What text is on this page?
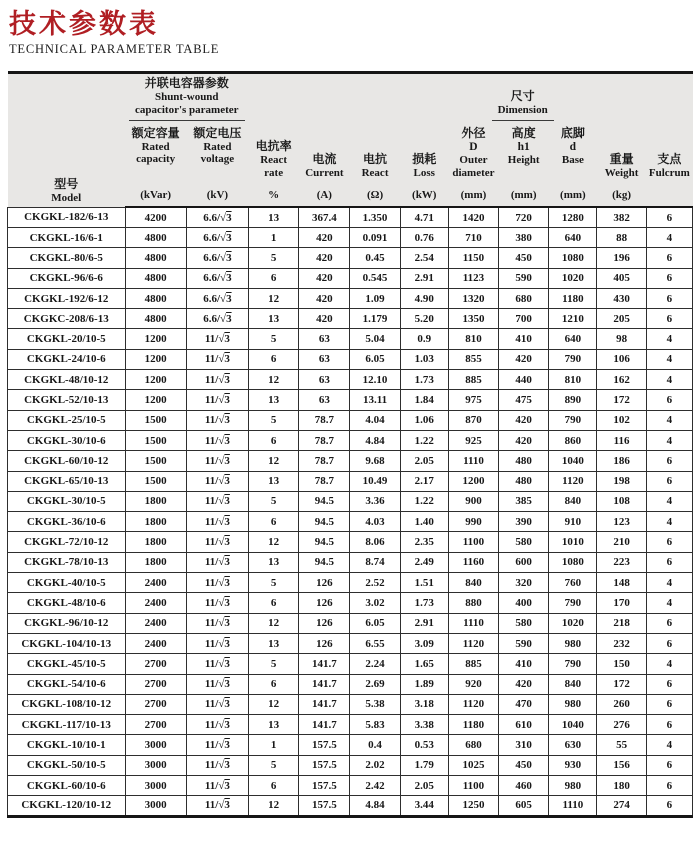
技术参数表
TECHNICAL PARAMETER TABLE
型号
Model	并联电容器参数
Shunt-wound
capacitor's parameter		电抗率
React
rate	电流
Current	电抗
React	损耗
Loss	尺寸
Dimension			重量
Weight	支点
Fulcrum

	额定容量
Rated
capacity	额定电压
Rated
voltage					外径
D
Outer
diameter	高度
h1
Height	底脚
d
Base		

	(kVar)	(kV)	%	(A)	(Ω)	(kW)	(mm)	(mm)	(mm)	(kg)	
CKGKL-182/6-13	4200	6.6/√3	13	367.4	1.350	4.71	1420	720	1280	382	6
CKGKL-16/6-1	4800	6.6/√3	1	420	0.091	0.76	710	380	640	88	4
CKGKL-80/6-5	4800	6.6/√3	5	420	0.45	2.54	1150	450	1080	196	6
CKGKL-96/6-6	4800	6.6/√3	6	420	0.545	2.91	1123	590	1020	405	6
CKGKL-192/6-12	4800	6.6/√3	12	420	1.09	4.90	1320	680	1180	430	6
CKGKC-208/6-13	4800	6.6/√3	13	420	1.179	5.20	1350	700	1210	205	6
CKGKL-20/10-5	1200	11/√3	5	63	5.04	0.9	810	410	640	98	4
CKGKL-24/10-6	1200	11/√3	6	63	6.05	1.03	855	420	790	106	4
CKGKL-48/10-12	1200	11/√3	12	63	12.10	1.73	885	440	810	162	4
CKGKL-52/10-13	1200	11/√3	13	63	13.11	1.84	975	475	890	172	6
CKGKL-25/10-5	1500	11/√3	5	78.7	4.04	1.06	870	420	790	102	4
CKGKL-30/10-6	1500	11/√3	6	78.7	4.84	1.22	925	420	860	116	4
CKGKL-60/10-12	1500	11/√3	12	78.7	9.68	2.05	1110	480	1040	186	6
CKGKL-65/10-13	1500	11/√3	13	78.7	10.49	2.17	1200	480	1120	198	6
CKGKL-30/10-5	1800	11/√3	5	94.5	3.36	1.22	900	385	840	108	4
CKGKL-36/10-6	1800	11/√3	6	94.5	4.03	1.40	990	390	910	123	4
CKGKL-72/10-12	1800	11/√3	12	94.5	8.06	2.35	1100	580	1010	210	6
CKGKL-78/10-13	1800	11/√3	13	94.5	8.74	2.49	1160	600	1080	223	6
CKGKL-40/10-5	2400	11/√3	5	126	2.52	1.51	840	320	760	148	4
CKGKL-48/10-6	2400	11/√3	6	126	3.02	1.73	880	400	790	170	4
CKGKL-96/10-12	2400	11/√3	12	126	6.05	2.91	1110	580	1020	218	6
CKGKL-104/10-13	2400	11/√3	13	126	6.55	3.09	1120	590	980	232	6
CKGKL-45/10-5	2700	11/√3	5	141.7	2.24	1.65	885	410	790	150	4
CKGKL-54/10-6	2700	11/√3	6	141.7	2.69	1.89	920	420	840	172	6
CKGKL-108/10-12	2700	11/√3	12	141.7	5.38	3.18	1120	470	980	260	6
CKGKL-117/10-13	2700	11/√3	13	141.7	5.83	3.38	1180	610	1040	276	6
CKGKL-10/10-1	3000	11/√3	1	157.5	0.4	0.53	680	310	630	55	4
CKGKL-50/10-5	3000	11/√3	5	157.5	2.02	1.79	1025	450	930	156	6
CKGKL-60/10-6	3000	11/√3	6	157.5	2.42	2.05	1100	460	980	180	6
CKGKL-120/10-12	3000	11/√3	12	157.5	4.84	3.44	1250	605	1110	274	6
